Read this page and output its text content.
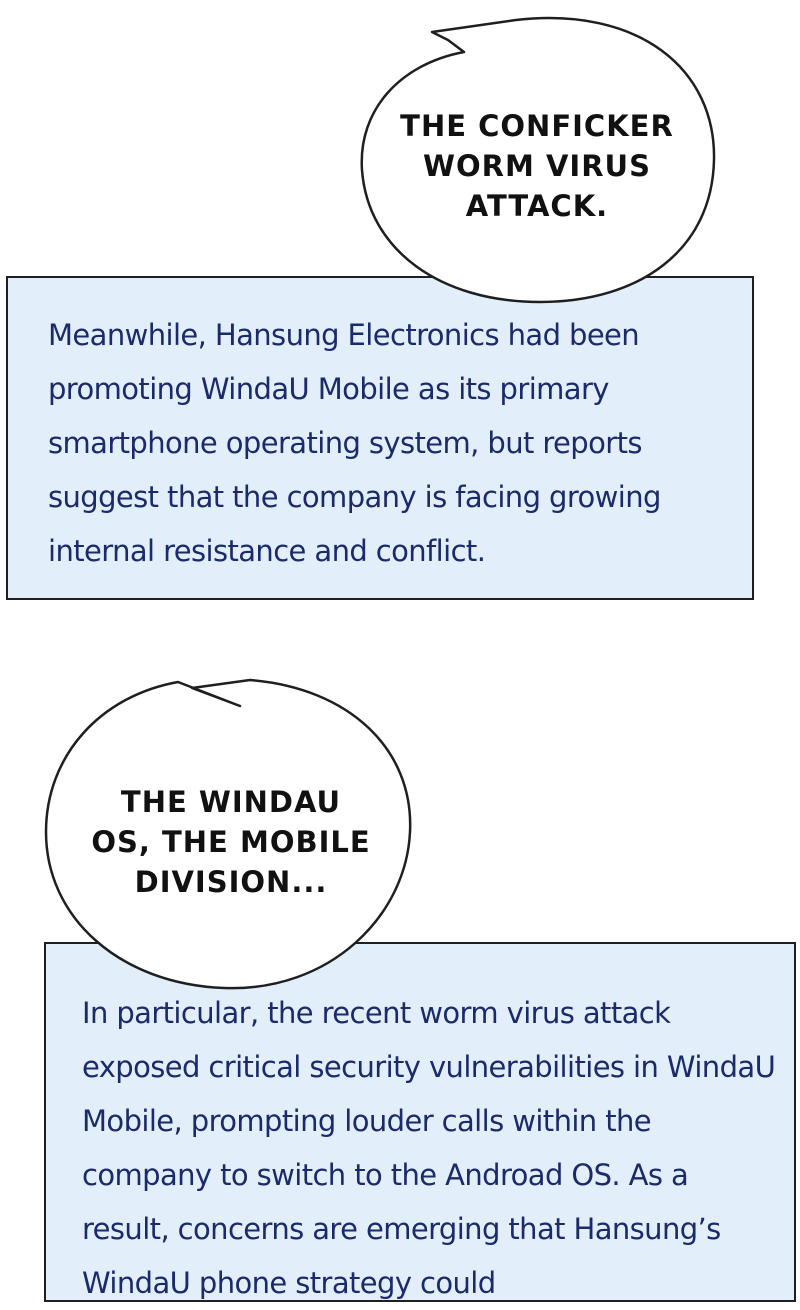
Meanwhile, Hansung Electronics had been promoting WindaU Mobile as its primary smartphone operating system, but reports suggest that the company is facing growing internal resistance and conflict.

THE CONFICKER
WORM VIRUS
ATTACK.

In particular, the recent worm virus attack exposed critical security vulnerabilities in WindaU Mobile, prompting louder calls within the company to switch to the Androad OS. As a result, concerns are emerging that Hansung’s WindaU phone strategy could

THE WINDAU
OS, THE MOBILE
DIVISION...
